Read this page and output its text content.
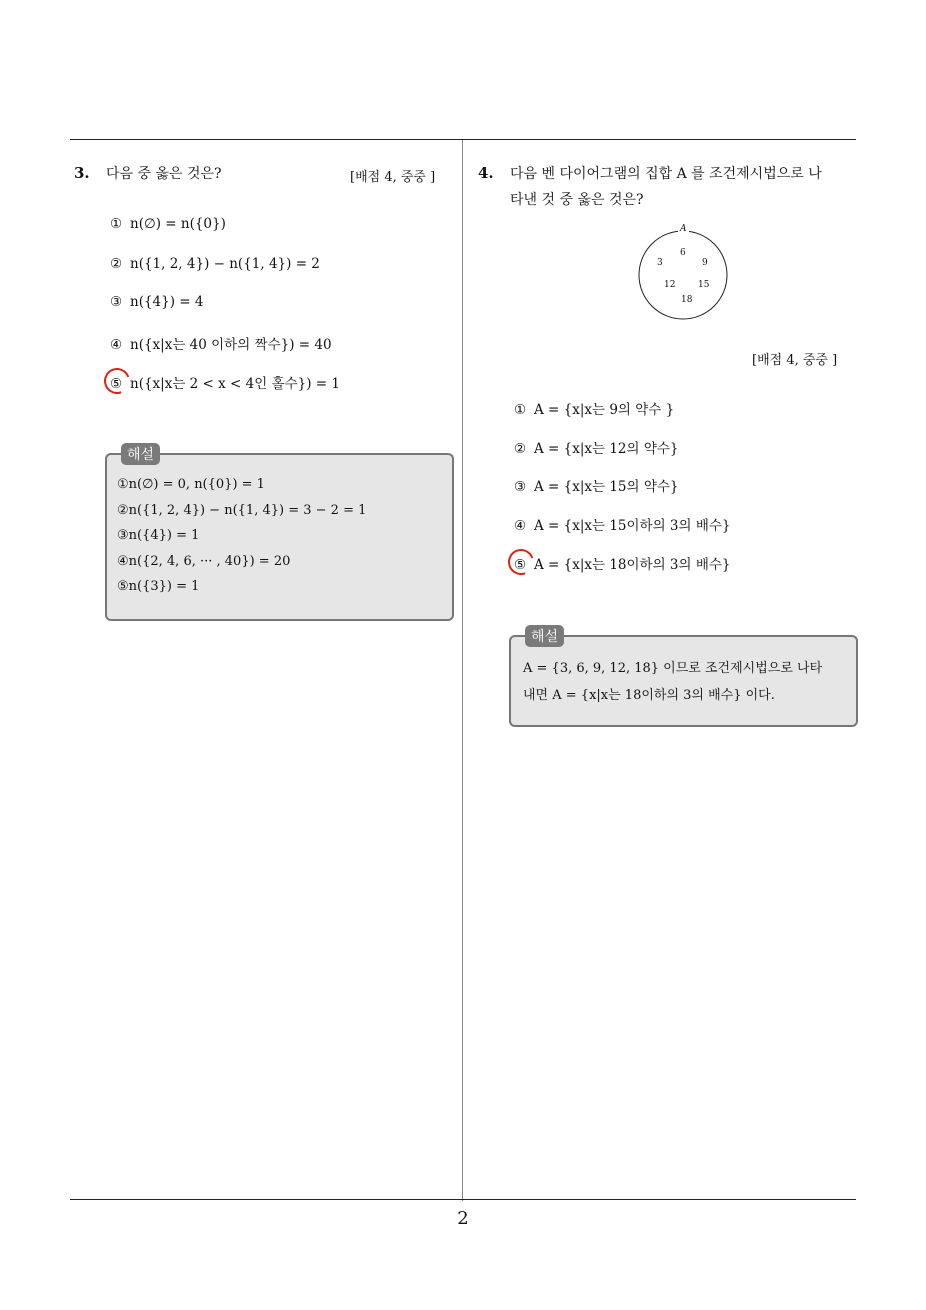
3. 다음 중 옳은 것은?	[배점 4, 중중 ]
① n(∅) = n({0})
② n({1, 2, 4}) − n({1, 4}) = 2
③ n({4}) = 4
④ n({x|x는 40 이하의 짝수}) = 40
⑤ n({x|x는 2 < x < 4인 홀수}) = 1
해설
①n(∅) = 0, n({0}) = 1
②n({1, 2, 4}) − n({1, 4}) = 3 − 2 = 1
③n({4}) = 1
④n({2, 4, 6, ··· , 40}) = 20
⑤n({3}) = 1
4. 다음 벤 다이어그램의 집합 A 를 조건제시법으로 나
타낸 것 중 옳은 것은?
A
6
3	9
12	15
18
[배점 4, 중중 ]
① A = {x|x는 9의 약수 }
② A = {x|x는 12의 약수}
③ A = {x|x는 15의 약수}
④ A = {x|x는 15이하의 3의 배수}
⑤ A = {x|x는 18이하의 3의 배수}
해설
A = {3, 6, 9, 12, 18} 이므로 조건제시법으로 나타
내면 A = {x|x는 18이하의 3의 배수} 이다.
2
